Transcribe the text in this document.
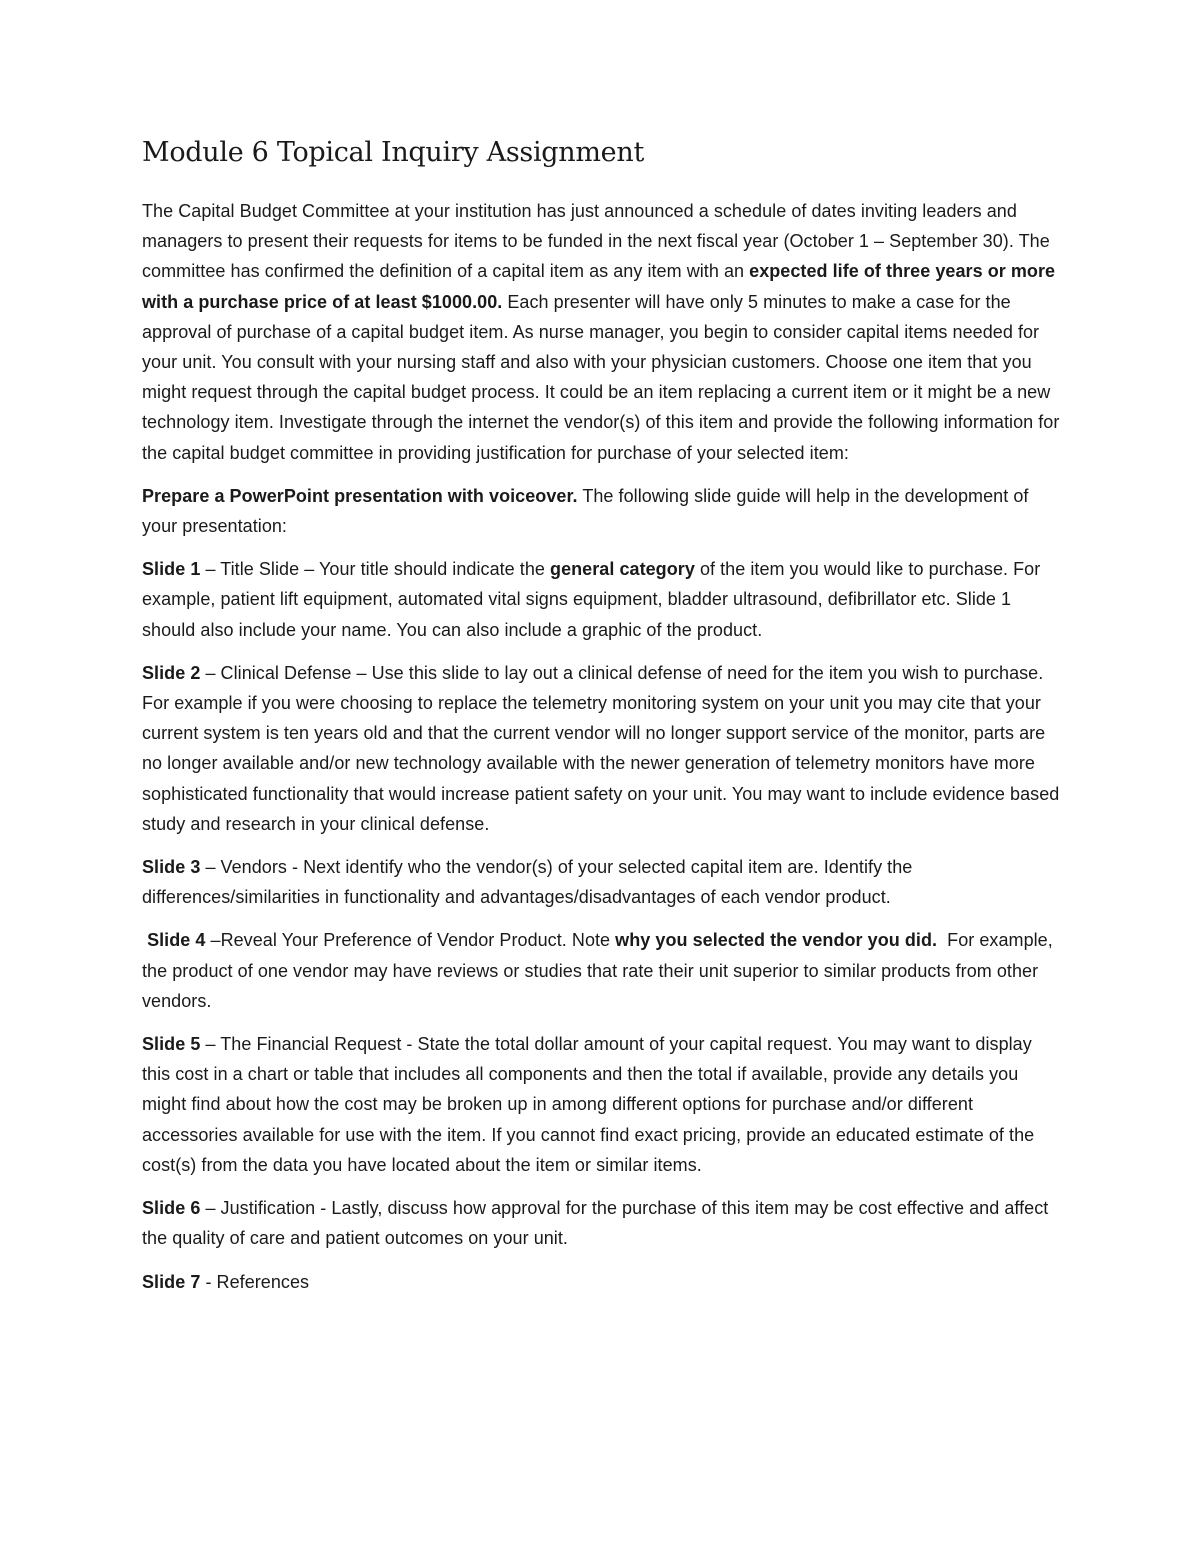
Module 6 Topical Inquiry Assignment

The Capital Budget Committee at your institution has just announced a schedule of dates inviting leaders and managers to present their requests for items to be funded in the next fiscal year (October 1 – September 30). The committee has confirmed the definition of a capital item as any item with an expected life of three years or more with a purchase price of at least $1000.00. Each presenter will have only 5 minutes to make a case for the approval of purchase of a capital budget item. As nurse manager, you begin to consider capital items needed for your unit. You consult with your nursing staff and also with your physician customers. Choose one item that you might request through the capital budget process. It could be an item replacing a current item or it might be a new technology item. Investigate through the internet the vendor(s) of this item and provide the following information for the capital budget committee in providing justification for purchase of your selected item:

Prepare a PowerPoint presentation with voiceover. The following slide guide will help in the development of your presentation:

Slide 1 – Title Slide – Your title should indicate the general category of the item you would like to purchase. For example, patient lift equipment, automated vital signs equipment, bladder ultrasound, defibrillator etc. Slide 1 should also include your name. You can also include a graphic of the product.

Slide 2 – Clinical Defense – Use this slide to lay out a clinical defense of need for the item you wish to purchase. For example if you were choosing to replace the telemetry monitoring system on your unit you may cite that your current system is ten years old and that the current vendor will no longer support service of the monitor, parts are no longer available and/or new technology available with the newer generation of telemetry monitors have more sophisticated functionality that would increase patient safety on your unit. You may want to include evidence based study and research in your clinical defense.

Slide 3 – Vendors - Next identify who the vendor(s) of your selected capital item are. Identify the differences/similarities in functionality and advantages/disadvantages of each vendor product.

Slide 4 –Reveal Your Preference of Vendor Product. Note why you selected the vendor you did.  For example, the product of one vendor may have reviews or studies that rate their unit superior to similar products from other vendors.

Slide 5 – The Financial Request - State the total dollar amount of your capital request. You may want to display this cost in a chart or table that includes all components and then the total if available, provide any details you might find about how the cost may be broken up in among different options for purchase and/or different accessories available for use with the item. If you cannot find exact pricing, provide an educated estimate of the cost(s) from the data you have located about the item or similar items.

Slide 6 – Justification - Lastly, discuss how approval for the purchase of this item may be cost effective and affect the quality of care and patient outcomes on your unit.

Slide 7 - References
